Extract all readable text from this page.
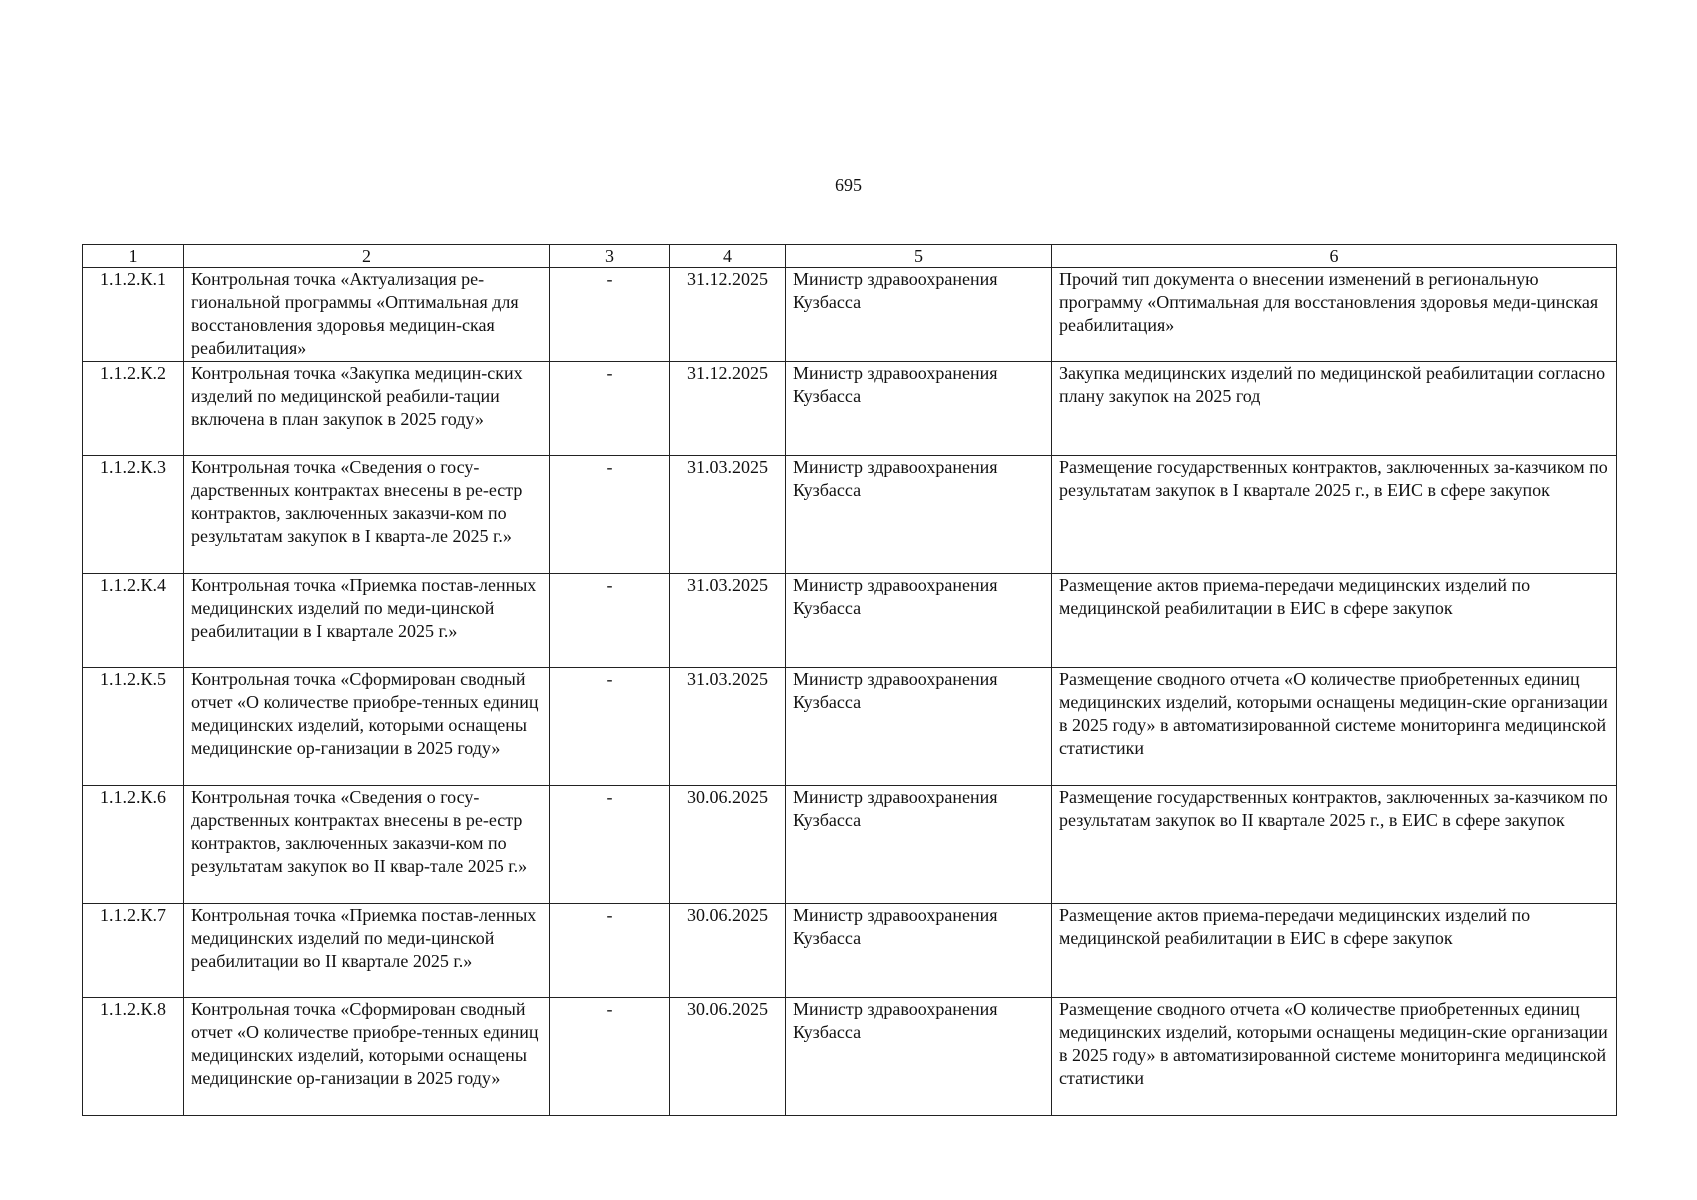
695
1	2	3	4	5	6
1.1.2.К.1	Контрольная точка «Актуализация ре-гиональной программы «Оптимальная для восстановления здоровья медицин-ская реабилитация»	-	31.12.2025	Министр здравоохранения Кузбасса	Прочий тип документа о внесении изменений в региональную программу «Оптимальная для восстановления здоровья меди-цинская реабилитация»
1.1.2.К.2	Контрольная точка «Закупка медицин-ских изделий по медицинской реабили-тации включена в план закупок в 2025 году»	-	31.12.2025	Министр здравоохранения Кузбасса	Закупка медицинских изделий по медицинской реабилитации согласно плану закупок на 2025 год
1.1.2.К.3	Контрольная точка «Сведения о госу-дарственных контрактах внесены в ре-естр контрактов, заключенных заказчи-ком по результатам закупок в I кварта-ле 2025 г.»	-	31.03.2025	Министр здравоохранения Кузбасса	Размещение государственных контрактов, заключенных за-казчиком по результатам закупок в I квартале 2025 г., в ЕИС в сфере закупок
1.1.2.К.4	Контрольная точка «Приемка постав-ленных медицинских изделий по меди-цинской реабилитации в I квартале 2025 г.»	-	31.03.2025	Министр здравоохранения Кузбасса	Размещение актов приема-передачи медицинских изделий по медицинской реабилитации в ЕИС в сфере закупок
1.1.2.К.5	Контрольная точка «Сформирован сводный отчет «О количестве приобре-тенных единиц медицинских изделий, которыми оснащены медицинские ор-ганизации в 2025 году»	-	31.03.2025	Министр здравоохранения Кузбасса	Размещение сводного отчета «О количестве приобретенных единиц медицинских изделий, которыми оснащены медицин-ские организации в 2025 году» в автоматизированной системе мониторинга медицинской статистики
1.1.2.К.6	Контрольная точка «Сведения о госу-дарственных контрактах внесены в ре-естр контрактов, заключенных заказчи-ком по результатам закупок во II квар-тале 2025 г.»	-	30.06.2025	Министр здравоохранения Кузбасса	Размещение государственных контрактов, заключенных за-казчиком по результатам закупок во II квартале 2025 г., в ЕИС в сфере закупок
1.1.2.К.7	Контрольная точка «Приемка постав-ленных медицинских изделий по меди-цинской реабилитации во II квартале 2025 г.»	-	30.06.2025	Министр здравоохранения Кузбасса	Размещение актов приема-передачи медицинских изделий по медицинской реабилитации в ЕИС в сфере закупок
1.1.2.К.8	Контрольная точка «Сформирован сводный отчет «О количестве приобре-тенных единиц медицинских изделий, которыми оснащены медицинские ор-ганизации в 2025 году»	-	30.06.2025	Министр здравоохранения Кузбасса	Размещение сводного отчета «О количестве приобретенных единиц медицинских изделий, которыми оснащены медицин-ские организации в 2025 году» в автоматизированной системе мониторинга медицинской статистики
